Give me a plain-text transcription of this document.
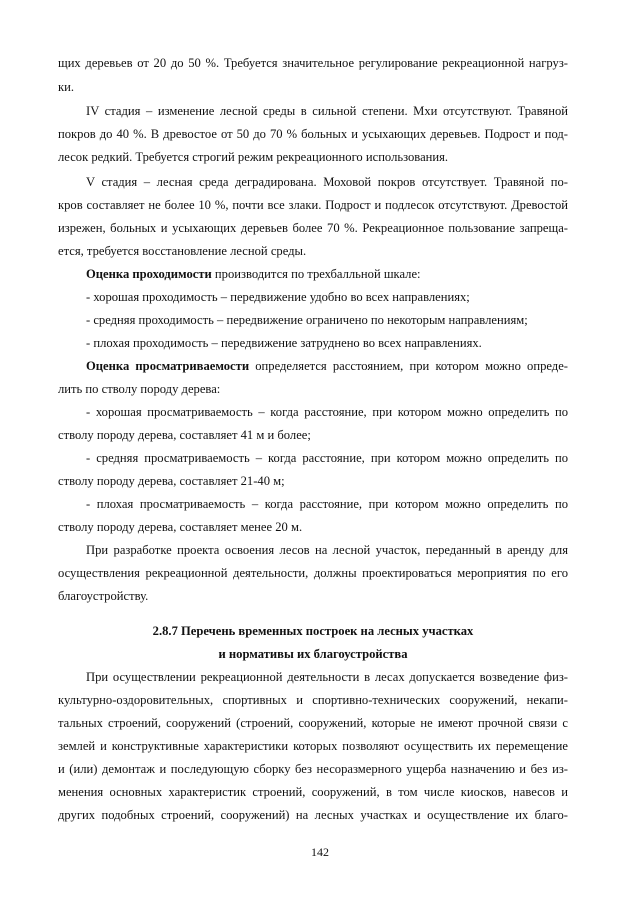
щих деревьев от 20 до 50 %. Требуется значительное регулирование рекреационной нагруз-
ки.
IV стадия – изменение лесной среды в сильной степени. Мхи отсутствуют. Травяной
покров до 40 %. В древостое от 50 до 70 % больных и усыхающих деревьев. Подрост и под-
лесок редкий. Требуется строгий режим рекреационного использования.
V стадия – лесная среда деградирована. Моховой покров отсутствует. Травяной по-
кров составляет не более 10 %, почти все злаки. Подрост и подлесок отсутствуют. Древостой
изрежен, больных и усыхающих деревьев более 70 %. Рекреационное пользование запреща-
ется, требуется восстановление лесной среды.
Оценка проходимости производится по трехбалльной шкале:
- хорошая проходимость – передвижение удобно во всех направлениях;
- средняя проходимость – передвижение ограничено по некоторым направлениям;
- плохая проходимость – передвижение затруднено во всех направлениях.
Оценка просматриваемости определяется расстоянием, при котором можно опреде-
лить по стволу породу дерева:
- хорошая просматриваемость – когда расстояние, при котором можно определить по
стволу породу дерева, составляет 41 м и более;
- средняя просматриваемость – когда расстояние, при котором можно определить по
стволу породу дерева, составляет 21-40 м;
- плохая просматриваемость – когда расстояние, при котором можно определить по
стволу породу дерева, составляет менее 20 м.
При разработке проекта освоения лесов на лесной участок, переданный в аренду для
осуществления рекреационной деятельности, должны проектироваться мероприятия по его
благоустройству.
2.8.7 Перечень временных построек на лесных участках
и нормативы их благоустройства
При осуществлении рекреационной деятельности в лесах допускается возведение физ-
культурно-оздоровительных, спортивных и спортивно-технических сооружений, некапи-
тальных строений, сооружений (строений, сооружений, которые не имеют прочной связи с
землей и конструктивные характеристики которых позволяют осуществить их перемещение
и (или) демонтаж и последующую сборку без несоразмерного ущерба назначению и без из-
менения основных характеристик строений, сооружений, в том числе киосков, навесов и
других подобных строений, сооружений) на лесных участках и осуществление их благо-
142
